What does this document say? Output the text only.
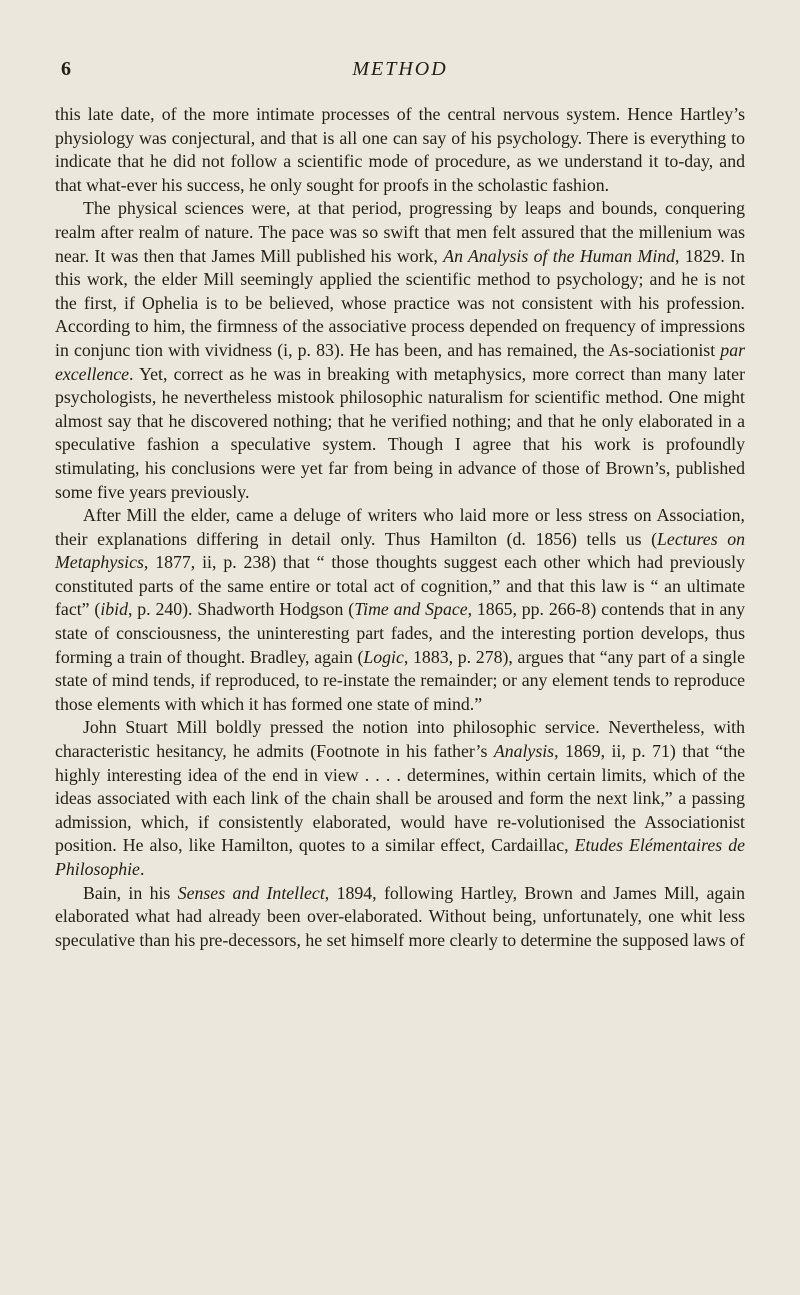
6	METHOD

this late date, of the more intimate processes of the central nervous system. Hence Hartley’s physiology was conjectural, and that is all one can say of his psychology. There is everything to indicate that he did not follow a scientific mode of procedure, as we understand it to-day, and that what-ever his success, he only sought for proofs in the scholastic fashion.

The physical sciences were, at that period, progressing by leaps and bounds, conquering realm after realm of nature. The pace was so swift that men felt assured that the millenium was near. It was then that James Mill published his work, An Analysis of the Human Mind, 1829. In this work, the elder Mill seemingly applied the scientific method to psychology; and he is not the first, if Ophelia is to be believed, whose practice was not consistent with his profession. According to him, the firmness of the associative process depended on frequency of impressions in conjunc tion with vividness (i, p. 83). He has been, and has remained, the As-sociationist par excellence. Yet, correct as he was in breaking with metaphysics, more correct than many later psychologists, he nevertheless mistook philosophic naturalism for scientific method. One might almost say that he discovered nothing; that he verified nothing; and that he only elaborated in a speculative fashion a speculative system. Though I agree that his work is profoundly stimulating, his conclusions were yet far from being in advance of those of Brown’s, published some five years previously.

After Mill the elder, came a deluge of writers who laid more or less stress on Association, their explanations differing in detail only. Thus Hamilton (d. 1856) tells us (Lectures on Metaphysics, 1877, ii, p. 238) that “ those thoughts suggest each other which had previously constituted parts of the same entire or total act of cognition,” and that this law is “ an ultimate fact” (ibid, p. 240). Shadworth Hodgson (Time and Space, 1865, pp. 266-8) contends that in any state of consciousness, the uninteresting part fades, and the interesting portion develops, thus forming a train of thought. Bradley, again (Logic, 1883, p. 278), argues that “any part of a single state of mind tends, if reproduced, to re-instate the remainder; or any element tends to reproduce those elements with which it has formed one state of mind.”

John Stuart Mill boldly pressed the notion into philosophic service. Nevertheless, with characteristic hesitancy, he admits (Footnote in his father’s Analysis, 1869, ii, p. 71) that “the highly interesting idea of the end in view . . . . determines, within certain limits, which of the ideas associated with each link of the chain shall be aroused and form the next link,” a passing admission, which, if consistently elaborated, would have re-volutionised the Associationist position. He also, like Hamilton, quotes to a similar effect, Cardaillac, Etudes Elémentaires de Philosophie.

Bain, in his Senses and Intellect, 1894, following Hartley, Brown and James Mill, again elaborated what had already been over-elaborated. Without being, unfortunately, one whit less speculative than his pre-decessors, he set himself more clearly to determine the supposed laws of
